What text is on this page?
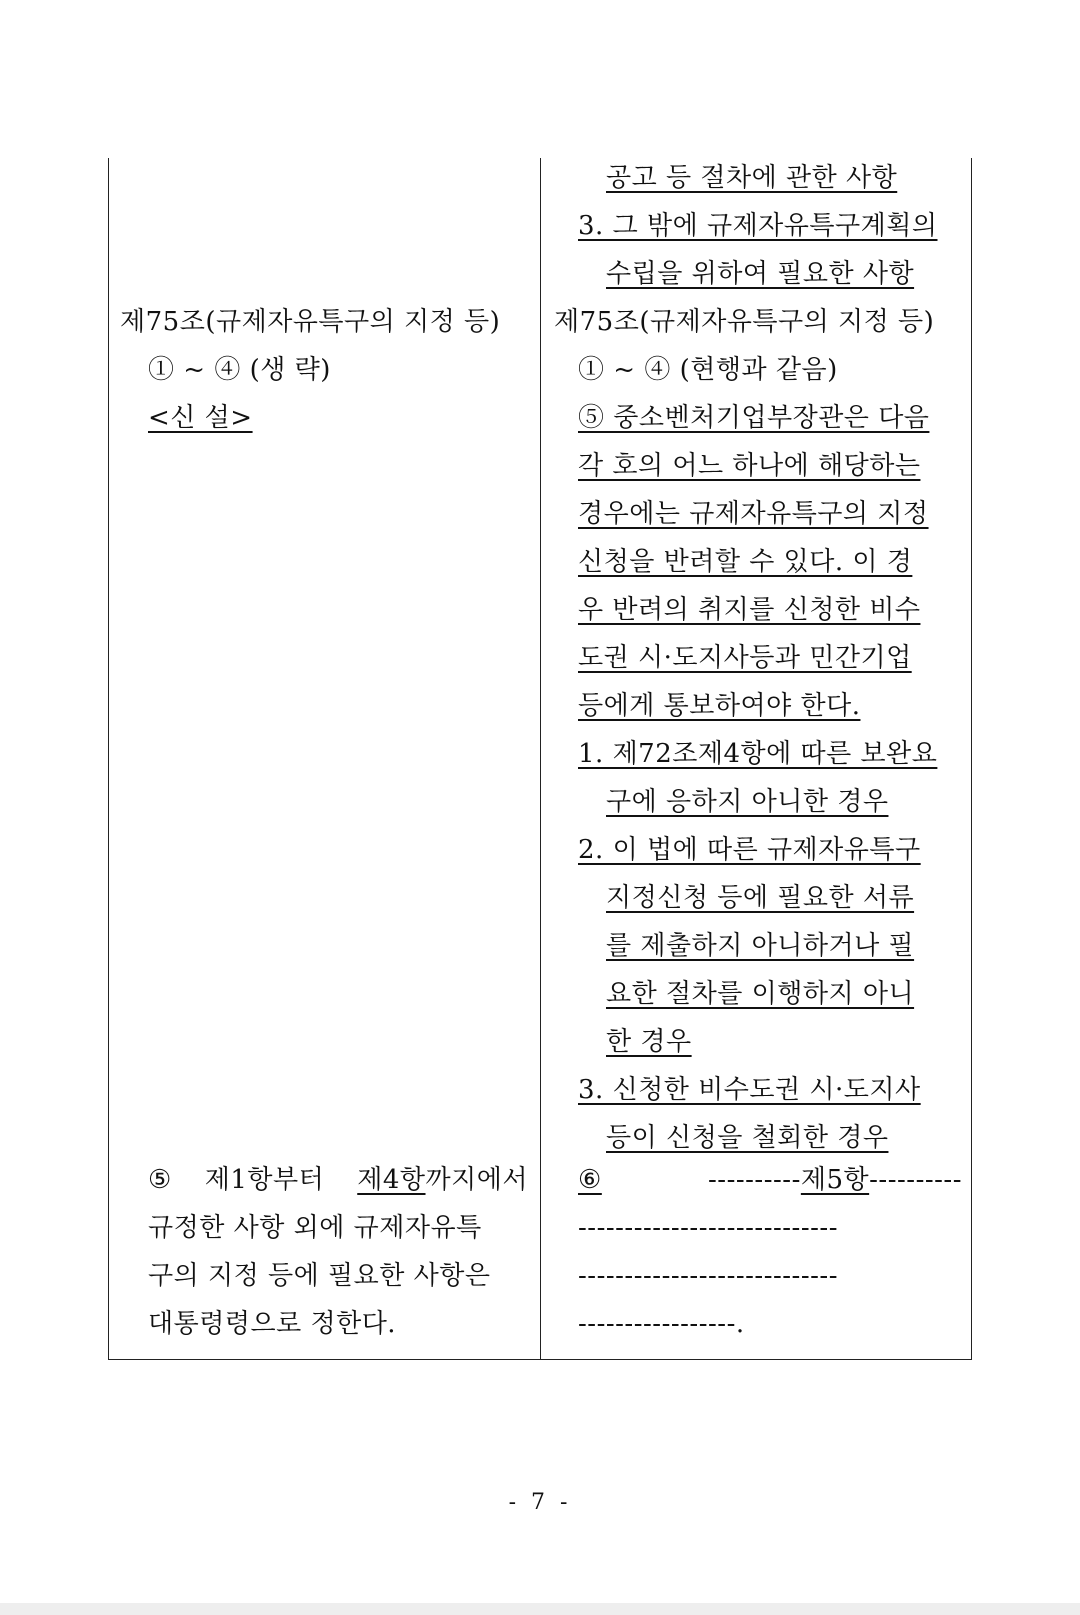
제75조(규제자유특구의 지정 등)
① ~ ④ (생 략)
<신 설>
⑤ 제1항부터 제4항까지에서
규정한 사항 외에 규제자유특
구의 지정 등에 필요한 사항은
대통령령으로 정한다.
공고 등 절차에 관한 사항
3. 그 밖에 규제자유특구계획의
수립을 위하여 필요한 사항
제75조(규제자유특구의 지정 등)
① ~ ④ (현행과 같음)
⑤ 중소벤처기업부장관은 다음
각 호의 어느 하나에 해당하는
경우에는 규제자유특구의 지정
신청을 반려할 수 있다. 이 경
우 반려의 취지를 신청한 비수
도권 시·도지사등과 민간기업
등에게 통보하여야 한다.
1. 제72조제4항에 따른 보완요
구에 응하지 아니한 경우
2. 이 법에 따른 규제자유특구
지정신청 등에 필요한 서류
를 제출하지 아니하거나 필
요한 절차를 이행하지 아니
한 경우
3. 신청한 비수도권 시·도지사
등이 신청을 철회한 경우
⑥	----------제5항----------
----------------------------
----------------------------
-----------------.
- 7 -
